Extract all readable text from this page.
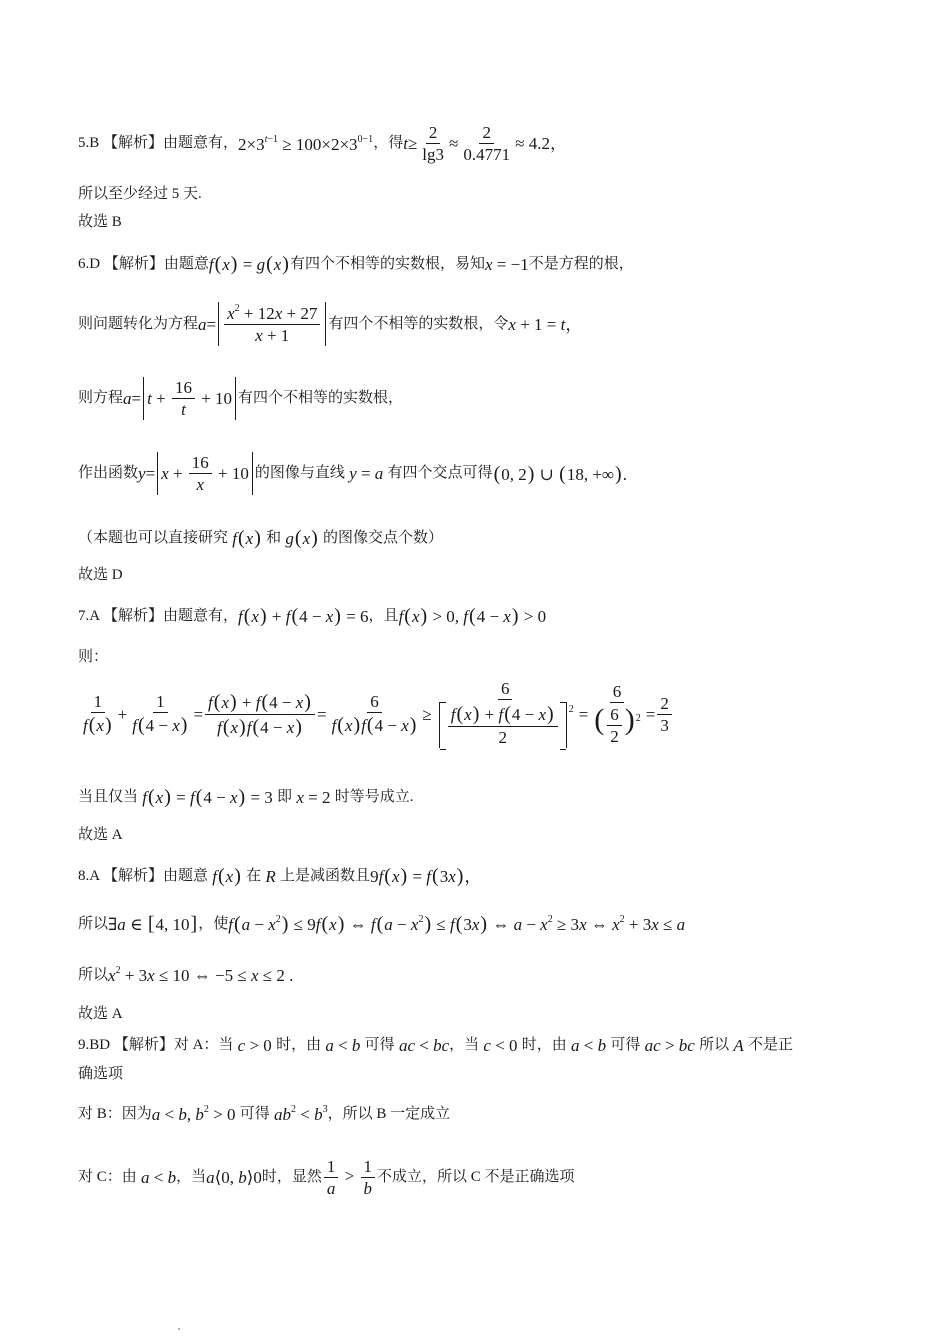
5.B 【解析】由题意有， $2\times 3^{t-1} \ge 100\times 2\times 3^{0-1}$ ，得 $t \ge \frac{2}{\lg 3} \approx \frac{2}{0.4771} \approx 4.2$，
所以至少经过 5 天.
故选 B
6.D 【解析】由题意 f(x) = g(x) 有四个不相等的实数根，易知 x = −1 不是方程的根，
则问题转化为方程 $a = \frac{x^2 + 12x + 27}{x + 1}$ 有四个不相等的实数根，令 x + 1 = t，
则方程 $a = t + \frac{16}{t} + 10$ 有四个不相等的实数根，
作出函数 $y = x + \frac{16}{x} + 10$ 的图像与直线 y = a 有四个交点可得 (0, 2) ∪ (18, +∞).
（本题也可以直接研究 f(x) 和 g(x) 的图像交点个数）
故选 D
7.A 【解析】由题意有， f(x) + f(4 − x) = 6 ，且 f(x) > 0, f(4 − x) > 0
则：
$\frac{1}{f(x)} + \frac{1}{f(4 - x)} = \frac{f(x) + f(4 - x)}{f(x)f(4 - x)} = \frac{6}{f(x)f(4 - x)} \ge \frac{6}{\frac{f(x) + f(4 - x)}{2} ^2} = \frac{6}{( \frac{6}{2} )^2} = \frac{2}{3}$
当且仅当 f(x) = f(4 − x) = 3 即 x = 2 时等号成立.
故选 A
8.A 【解析】由题意 f(x) 在 R 上是减函数且 9f(x) = f(3x)，
所以 ∃a ∈ [4, 10] ，使 $f(a - x^2) \le 9f(x)$ ⇔ $f(a - x^2) \le f(3x)$ ⇔ $a - x^2 \ge 3x$ ⇔ $x^2 + 3x \le a$
所以 $x^2 + 3x \le 10$ ⇔ −5 ≤ x ≤ 2 .
故选 A
9.BD 【解析】对 A：当 c > 0 时，由 a < b 可得 ac < bc ，当 c < 0 时，由 a < b 可得 ac > bc 所以 A 不是正
确选项
对 B：因为 a < b, $b^2 > 0$ 可得 $ab^2 < b^3$ ，所以 B 一定成立
对 C：由 a < b ，当 a⟨0, b⟩0 时，显然 $\frac{1}{a} > \frac{1}{b}$ 不成立，所以 C 不是正确选项
